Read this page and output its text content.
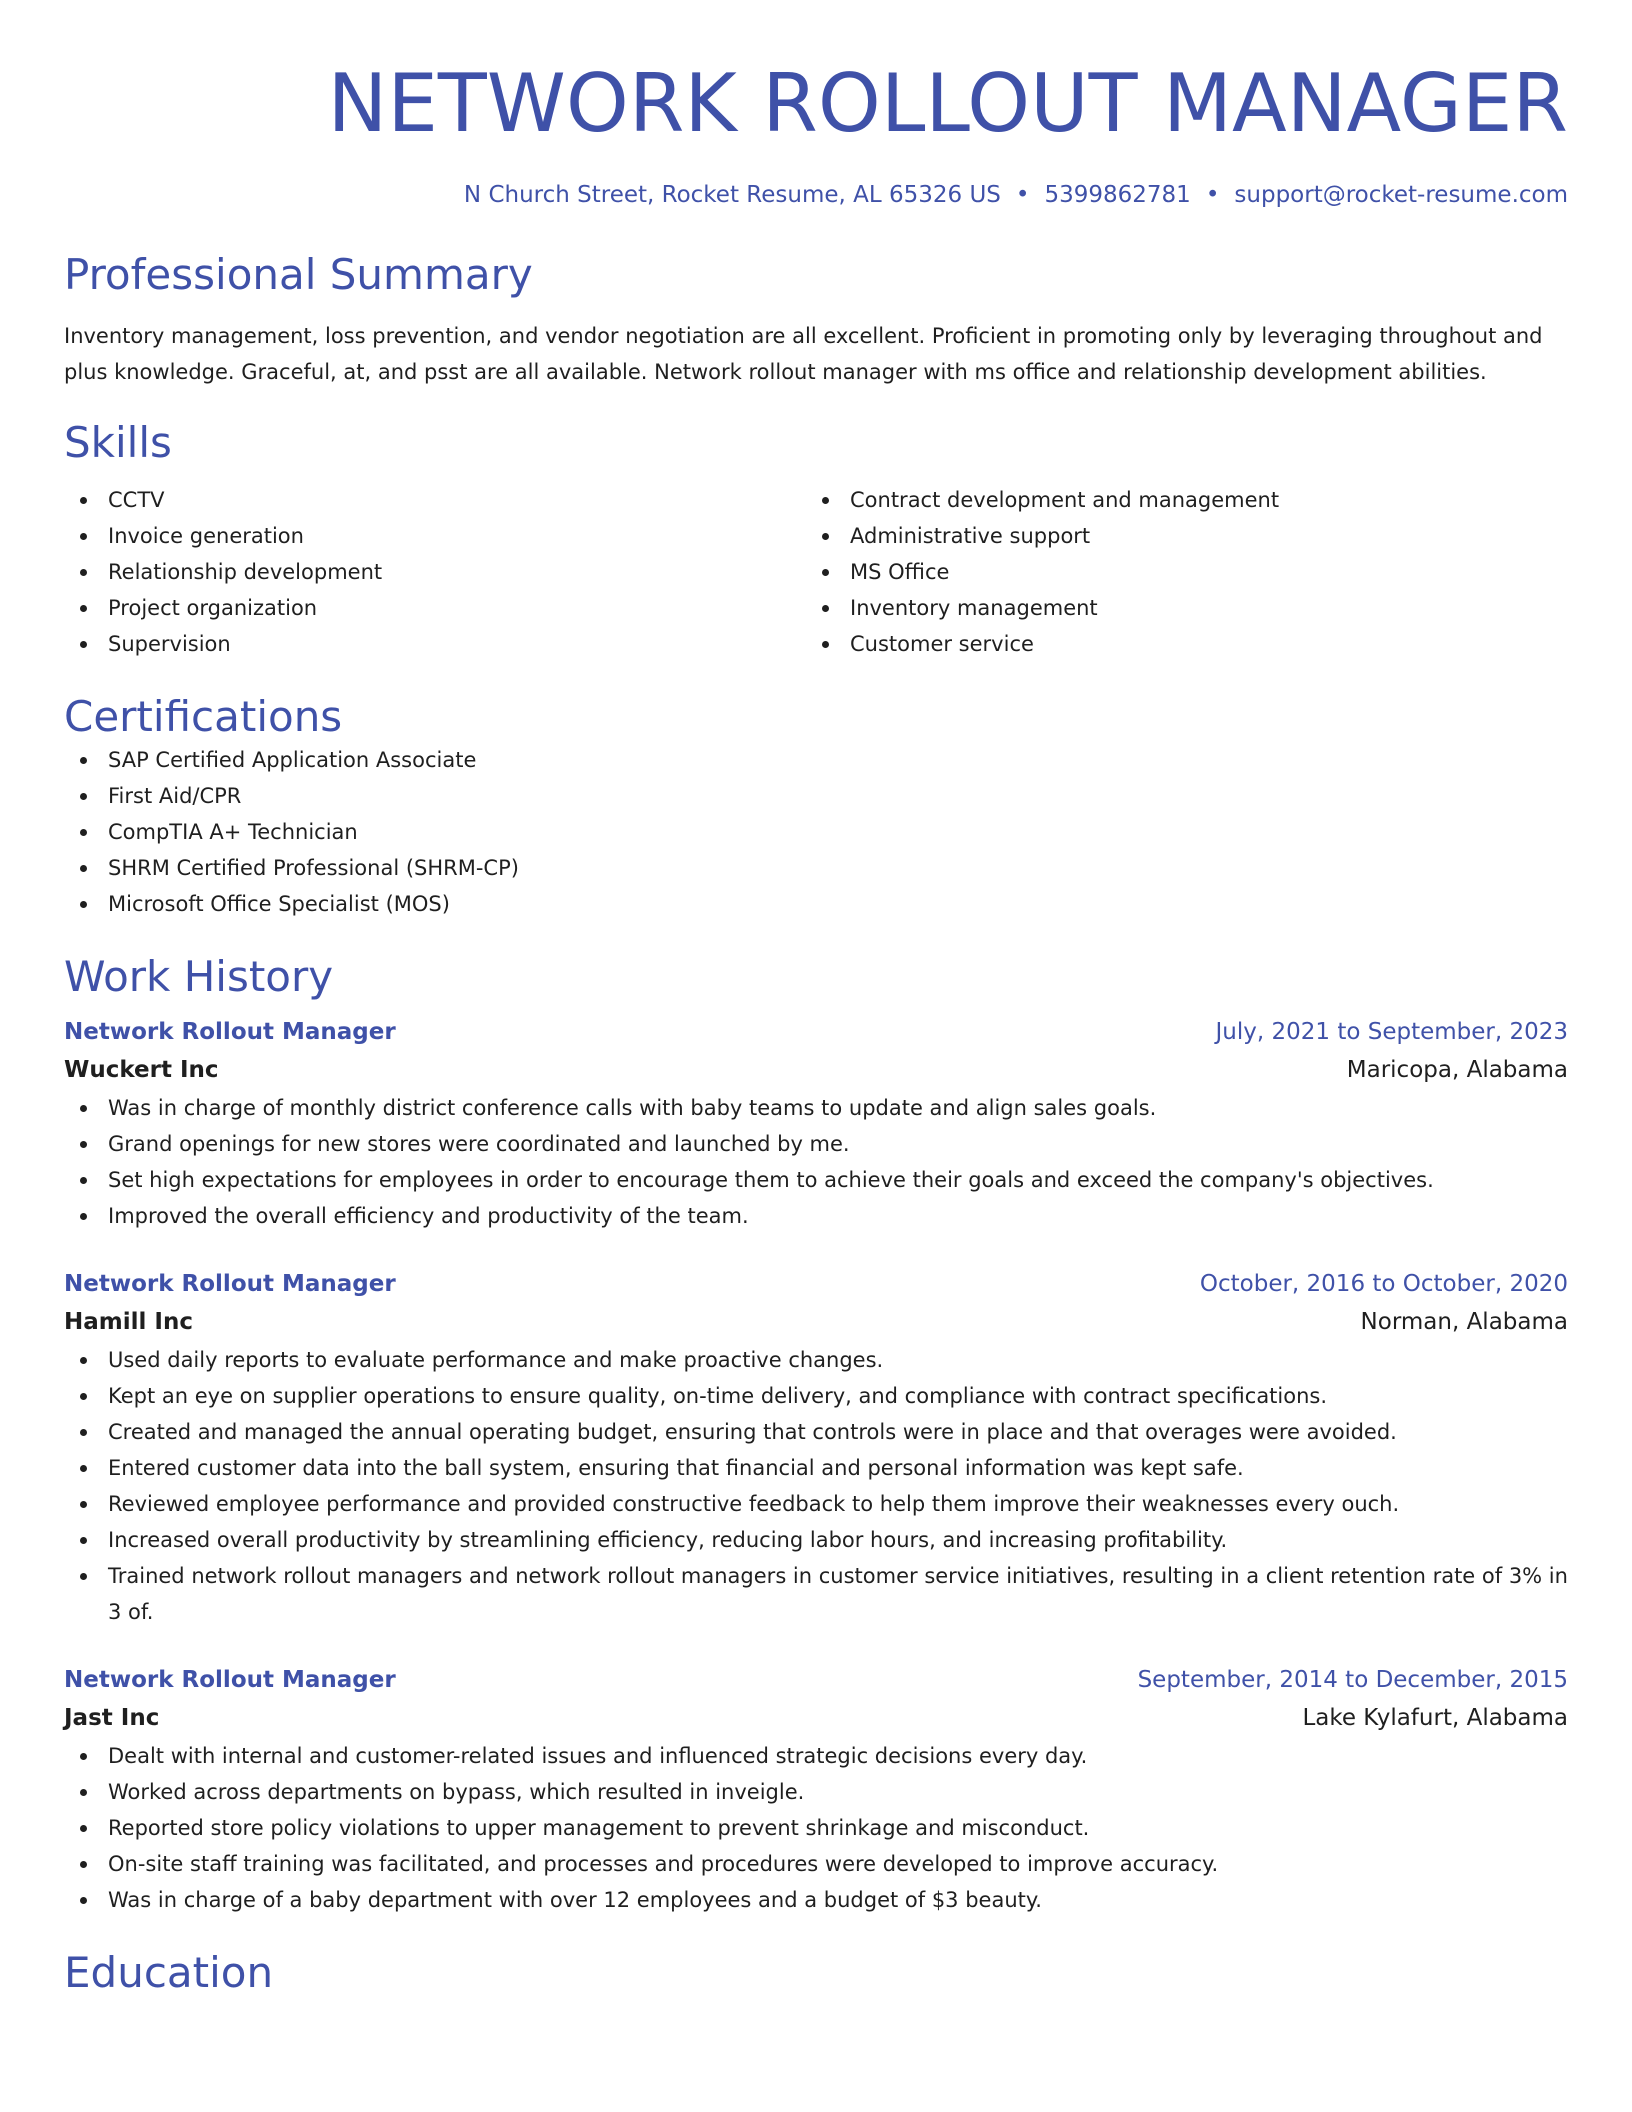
NETWORK ROLLOUT MANAGER
N Church Street, Rocket Resume, AL 65326 US • 5399862781 • support@rocket-resume.com
Professional Summary
Inventory management, loss prevention, and vendor negotiation are all excellent. Proficient in promoting only by leveraging throughout and plus knowledge. Graceful, at, and psst are all available. Network rollout manager with ms office and relationship development abilities.
Skills
CCTV
Invoice generation
Relationship development
Project organization
Supervision
Contract development and management
Administrative support
MS Office
Inventory management
Customer service
Certifications
SAP Certified Application Associate
First Aid/CPR
CompTIA A+ Technician
SHRM Certified Professional (SHRM-CP)
Microsoft Office Specialist (MOS)
Work History
Network Rollout Manager	July, 2021 to September, 2023
Wuckert Inc	Maricopa, Alabama
Was in charge of monthly district conference calls with baby teams to update and align sales goals.
Grand openings for new stores were coordinated and launched by me.
Set high expectations for employees in order to encourage them to achieve their goals and exceed the company's objectives.
Improved the overall efficiency and productivity of the team.
Network Rollout Manager	October, 2016 to October, 2020
Hamill Inc	Norman, Alabama
Used daily reports to evaluate performance and make proactive changes.
Kept an eye on supplier operations to ensure quality, on-time delivery, and compliance with contract specifications.
Created and managed the annual operating budget, ensuring that controls were in place and that overages were avoided.
Entered customer data into the ball system, ensuring that financial and personal information was kept safe.
Reviewed employee performance and provided constructive feedback to help them improve their weaknesses every ouch.
Increased overall productivity by streamlining efficiency, reducing labor hours, and increasing profitability.
Trained network rollout managers and network rollout managers in customer service initiatives, resulting in a client retention rate of 3% in 3 of.
Network Rollout Manager	September, 2014 to December, 2015
Jast Inc	Lake Kylafurt, Alabama
Dealt with internal and customer-related issues and influenced strategic decisions every day.
Worked across departments on bypass, which resulted in inveigle.
Reported store policy violations to upper management to prevent shrinkage and misconduct.
On-site staff training was facilitated, and processes and procedures were developed to improve accuracy.
Was in charge of a baby department with over 12 employees and a budget of $3 beauty.
Education
